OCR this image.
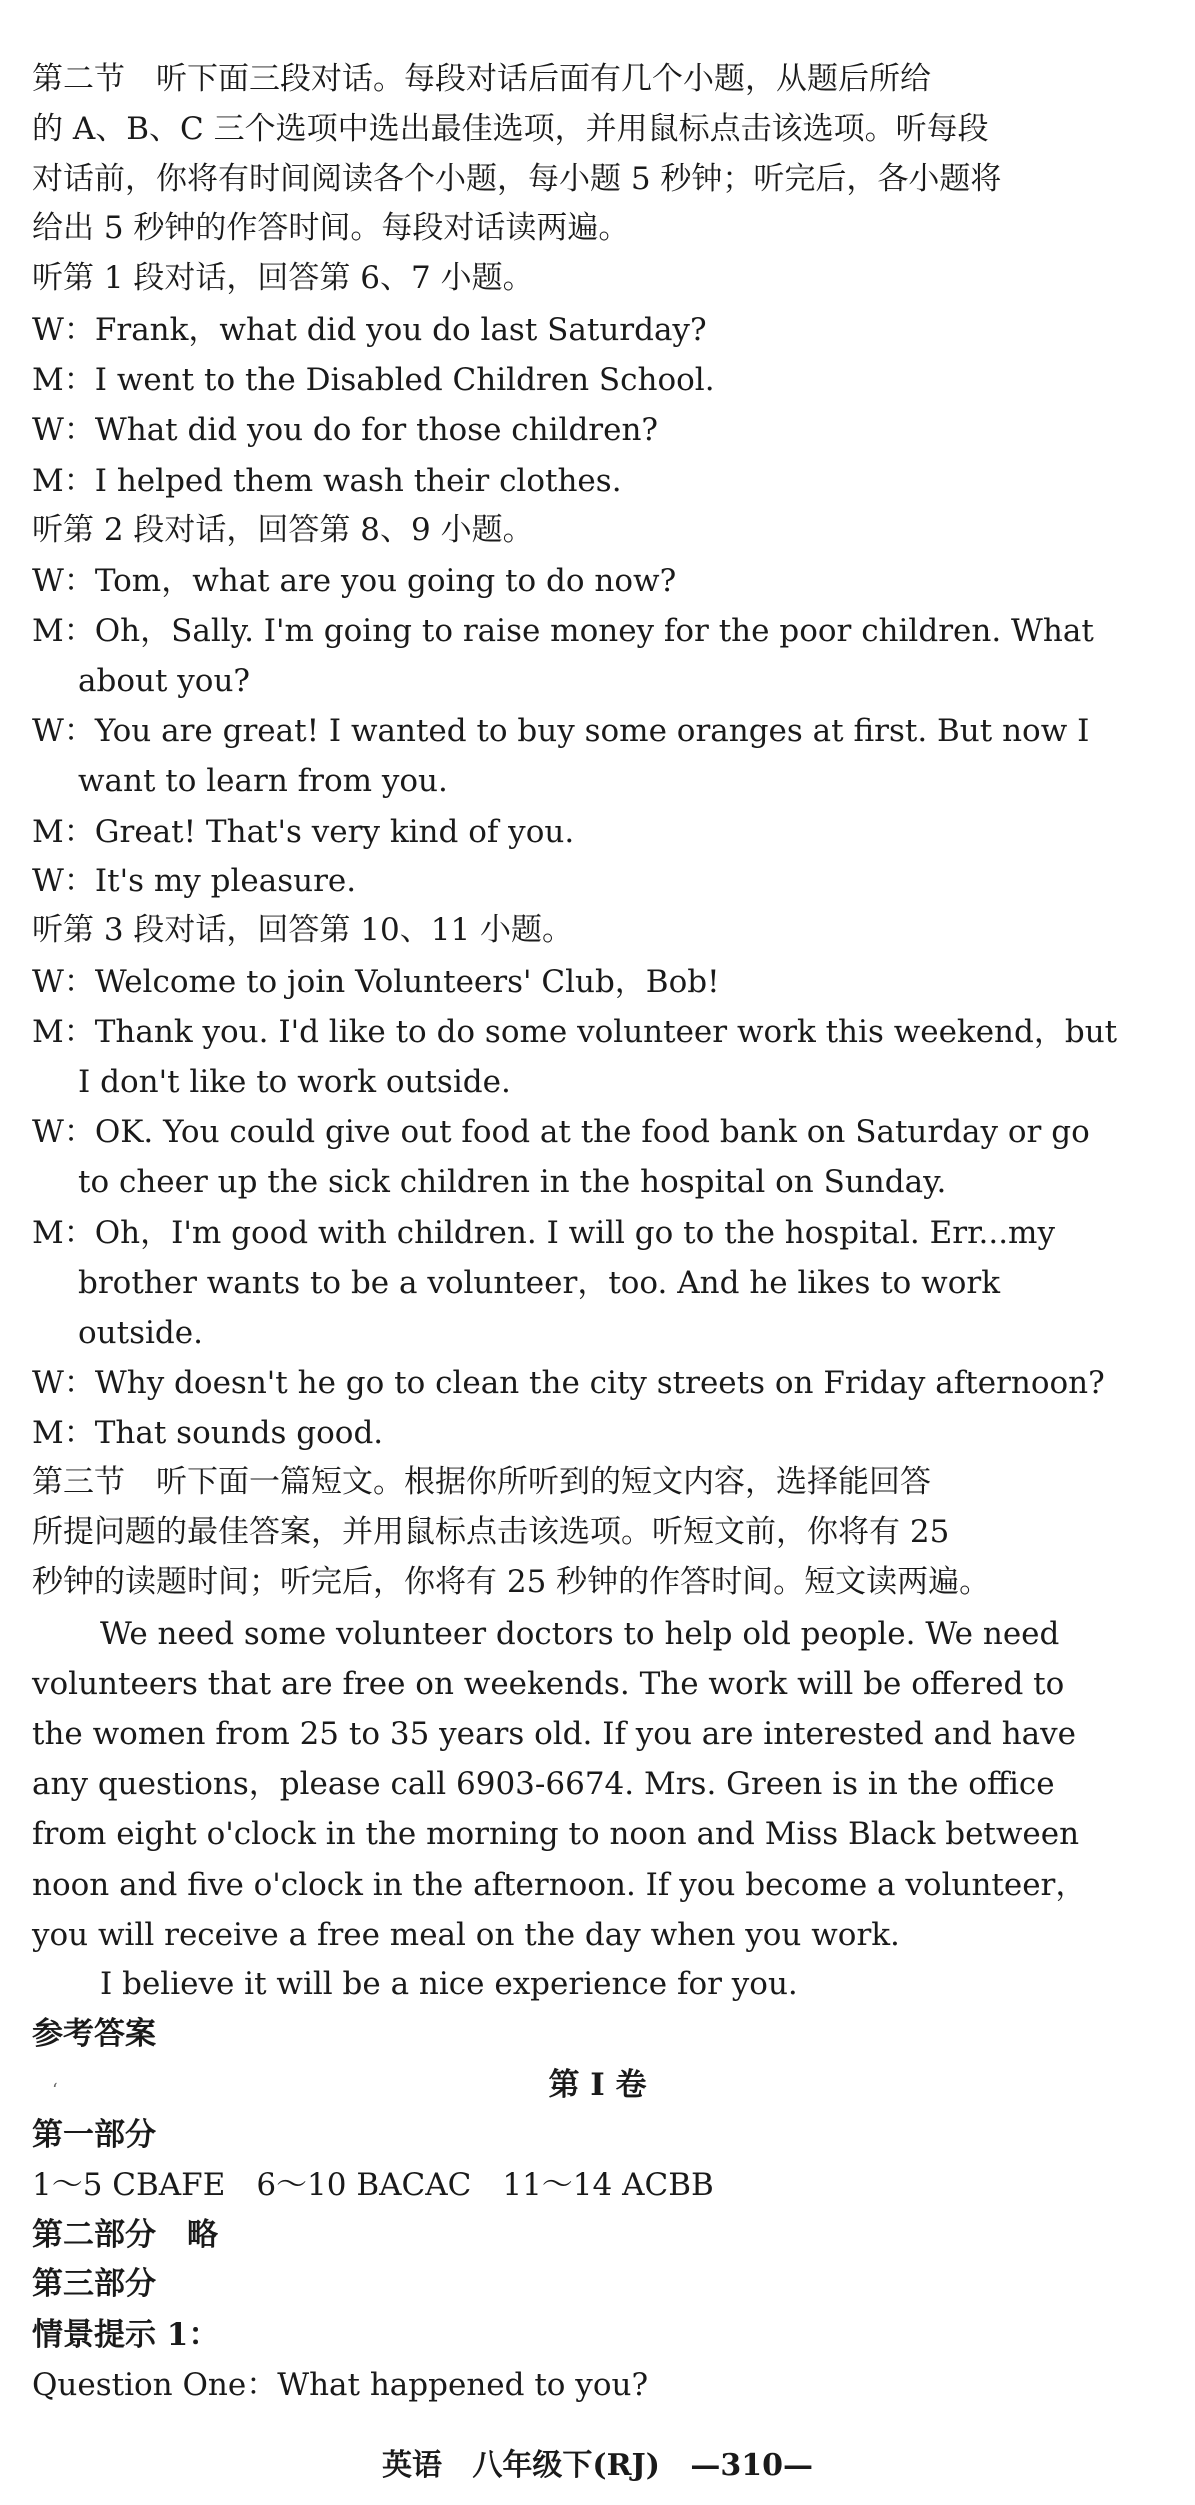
第二节　听下面三段对话。每段对话后面有几个小题，从题后所给
的 A、B、C 三个选项中选出最佳选项，并用鼠标点击该选项。听每段
对话前，你将有时间阅读各个小题，每小题 5 秒钟；听完后，各小题将
给出 5 秒钟的作答时间。每段对话读两遍。
听第 1 段对话，回答第 6、7 小题。
W：Frank，what did you do last Saturday?
M：I went to the Disabled Children School.
W：What did you do for those children?
M：I helped them wash their clothes.
听第 2 段对话，回答第 8、9 小题。
W：Tom，what are you going to do now?
M：Oh，Sally. I'm going to raise money for the poor children. What
about you?
W：You are great! I wanted to buy some oranges at first. But now I
want to learn from you.
M：Great! That's very kind of you.
W：It's my pleasure.
听第 3 段对话，回答第 10、11 小题。
W：Welcome to join Volunteers' Club，Bob!
M：Thank you. I'd like to do some volunteer work this weekend，but
I don't like to work outside.
W：OK. You could give out food at the food bank on Saturday or go
to cheer up the sick children in the hospital on Sunday.
M：Oh，I'm good with children. I will go to the hospital. Err...my
brother wants to be a volunteer，too. And he likes to work
outside.
W：Why doesn't he go to clean the city streets on Friday afternoon?
M：That sounds good.
第三节　听下面一篇短文。根据你所听到的短文内容，选择能回答
所提问题的最佳答案，并用鼠标点击该选项。听短文前，你将有 25
秒钟的读题时间；听完后，你将有 25 秒钟的作答时间。短文读两遍。
We need some volunteer doctors to help old people. We need
volunteers that are free on weekends. The work will be offered to
the women from 25 to 35 years old. If you are interested and have
any questions，please call 6903-6674. Mrs. Green is in the office
from eight o'clock in the morning to noon and Miss Black between
noon and five o'clock in the afternoon. If you become a volunteer，
you will receive a free meal on the day when you work.
I believe it will be a nice experience for you.
参考答案
第 Ⅰ 卷
‘
第一部分
1～5 CBAFE　6～10 BACAC　11～14 ACBB
第二部分　略
第三部分
情景提示 1：
Question One：What happened to you?
英语 八年级下(RJ) —310—
